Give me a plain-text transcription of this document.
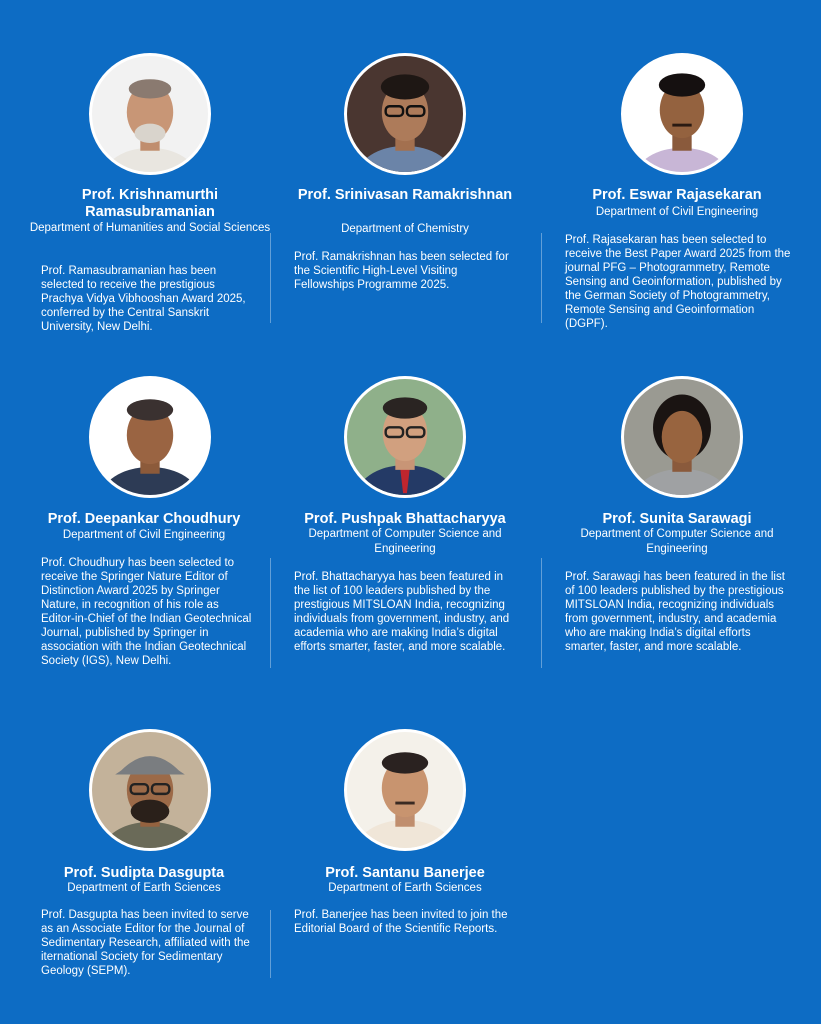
Prof. Krishnamurthi Ramasubramanian
Department of Humanities and Social Sciences
Prof. Ramasubramanian has been selected to receive the prestigious Prachya Vidya Vibhooshan Award 2025, conferred by the Central Sanskrit University, New Delhi.
Prof. Srinivasan Ramakrishnan
Department of Chemistry
Prof. Ramakrishnan has been selected for the Scientific High-Level Visiting Fellowships Programme 2025.
Prof. Eswar Rajasekaran
Department of Civil Engineering
Prof. Rajasekaran has been selected to receive the Best Paper Award 2025 from the journal PFG – Photogrammetry, Remote Sensing and Geoinformation, published by the German Society of Photogrammetry, Remote Sensing and Geoinformation (DGPF).
Prof. Deepankar Choudhury
Department of Civil Engineering
Prof. Choudhury has been selected to receive the Springer Nature Editor of Distinction Award 2025 by Springer Nature, in recognition of his role as Editor-in-Chief of the Indian Geotechnical Journal, published by Springer in association with the Indian Geotechnical Society (IGS), New Delhi.
Prof. Pushpak Bhattacharyya
Department of Computer Science and Engineering
Prof. Bhattacharyya has been featured in the list of 100 leaders published by the prestigious MITSLOAN India, recognizing individuals from government, industry, and academia who are making India’s digital efforts smarter, faster, and more scalable.
Prof. Sunita Sarawagi
Department of Computer Science and Engineering
Prof. Sarawagi has been featured in the list of 100 leaders published by the prestigious MITSLOAN India, recognizing individuals from government, industry, and academia who are making India’s digital efforts smarter, faster, and more scalable.
Prof. Sudipta Dasgupta
Department of Earth Sciences
Prof. Dasgupta has been invited to serve as an Associate Editor for the Journal of Sedimentary Research, affiliated with the iternational Society for Sedimentary Geology (SEPM).
Prof. Santanu Banerjee
Department of Earth Sciences
Prof. Banerjee has been invited to join the Editorial Board of the Scientific Reports.
